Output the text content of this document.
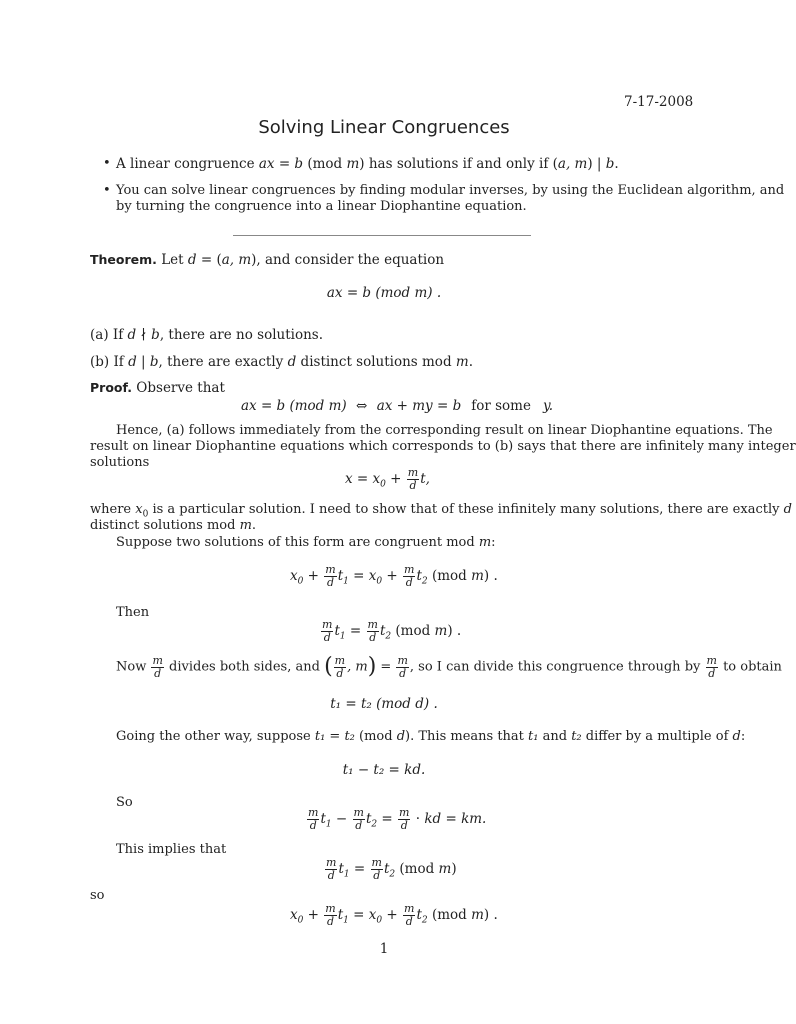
7-17-2008
Solving Linear Congruences
• A linear congruence ax = b (mod m) has solutions if and only if (a, m) | b.
• You can solve linear congruences by finding modular inverses, by using the Euclidean algorithm, and
by turning the congruence into a linear Diophantine equation.
Theorem. Let d = (a, m), and consider the equation
ax = b (mod m) .
(a) If d ∤ b, there are no solutions.
(b) If d | b, there are exactly d distinct solutions mod m.
Proof. Observe that
ax = b (mod m) ⇔ ax + my = b for some y.
Hence, (a) follows immediately from the corresponding result on linear Diophantine equations. The
result on linear Diophantine equations which corresponds to (b) says that there are infinitely many integer
solutions
$x = x_0 + \frac{m}{d} t$,
where $x_0$ is a particular solution. I need to show that of these infinitely many solutions, there are exactly d
distinct solutions mod m.
Suppose two solutions of this form are congruent mod m:
$x_0 + \frac{m}{d} t_1 = x_0 + \frac{m}{d} t_2$ (mod m) .
Then
$\frac{m}{d} t_1 = \frac{m}{d} t_2$ (mod m) .
Now $\frac{m}{d}$ divides both sides, and ( $\frac{m}{d}$ , $m) = \frac{m}{d}$ , so I can divide this congruence through by $\frac{m}{d}$ to obtain
t₁ = t₂ (mod d) .
Going the other way, suppose t₁ = t₂ (mod d). This means that t₁ and t₂ differ by a multiple of d:
t₁ − t₂ = kd.
So
$\frac{m}{d} t_1 - \frac{m}{d} t_2 = \frac{m}{d}$ · kd = km.
This implies that
$\frac{m}{d} t_1 = \frac{m}{d} t_2$ (mod m)
so
$x_0 + \frac{m}{d} t_1 = x_0 + \frac{m}{d} t_2$ (mod m) .
1
